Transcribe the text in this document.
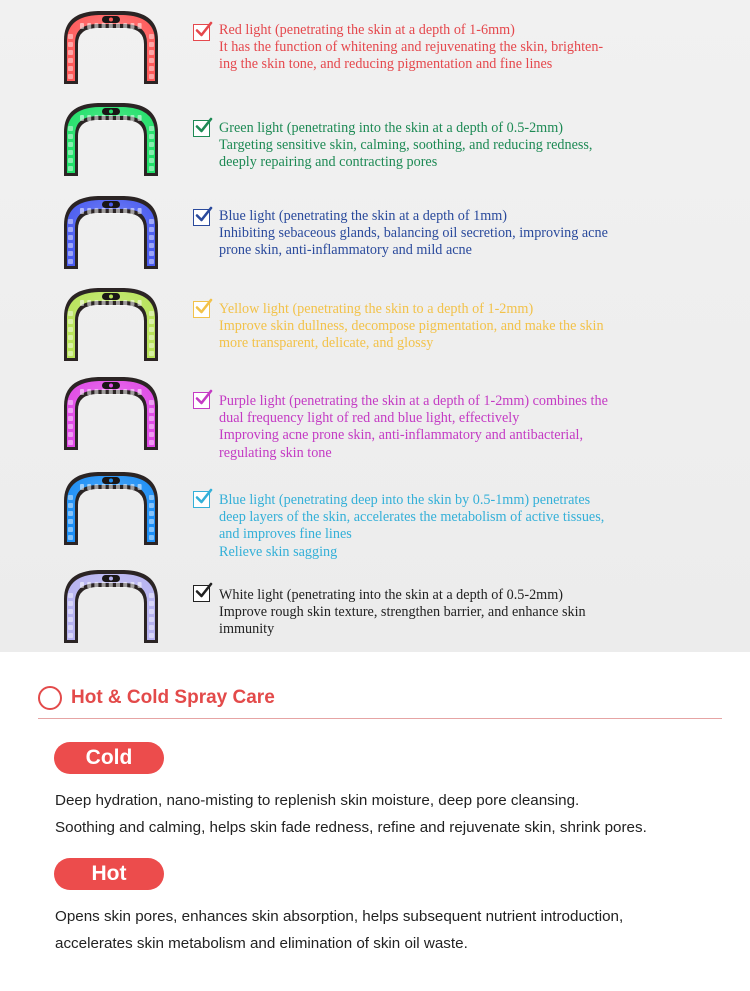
Red light (penetrating the skin at a depth of 1-6mm)
It has the function of whitening and rejuvenating the skin, brighten-
ing the skin tone, and reducing pigmentation and fine lines
Green light (penetrating into the skin at a depth of 0.5-2mm)
Targeting sensitive skin, calming, soothing, and reducing redness,
deeply repairing and contracting pores
Blue light (penetrating the skin at a depth of 1mm)
Inhibiting sebaceous glands, balancing oil secretion, improving acne
prone skin, anti-inflammatory and mild acne
Yellow light (penetrating the skin to a depth of 1-2mm)
Improve skin dullness, decompose pigmentation, and make the skin
more transparent, delicate, and glossy
Purple light (penetrating the skin at a depth of 1-2mm) combines the
dual frequency light of red and blue light, effectively
Improving acne prone skin, anti-inflammatory and antibacterial,
regulating skin tone
Blue light (penetrating deep into the skin by 0.5-1mm) penetrates
deep layers of the skin, accelerates the metabolism of active tissues,
and improves fine lines
Relieve skin sagging
White light (penetrating into the skin at a depth of 0.5-2mm)
Improve rough skin texture, strengthen barrier, and enhance skin
immunity
Hot & Cold Spray Care
Cold
Deep hydration, nano-misting to replenish skin moisture, deep pore cleansing.
Soothing and calming, helps skin fade redness, refine and rejuvenate skin, shrink pores.
Hot
Opens skin pores, enhances skin absorption, helps subsequent nutrient introduction,
accelerates skin metabolism and elimination of skin oil waste.
